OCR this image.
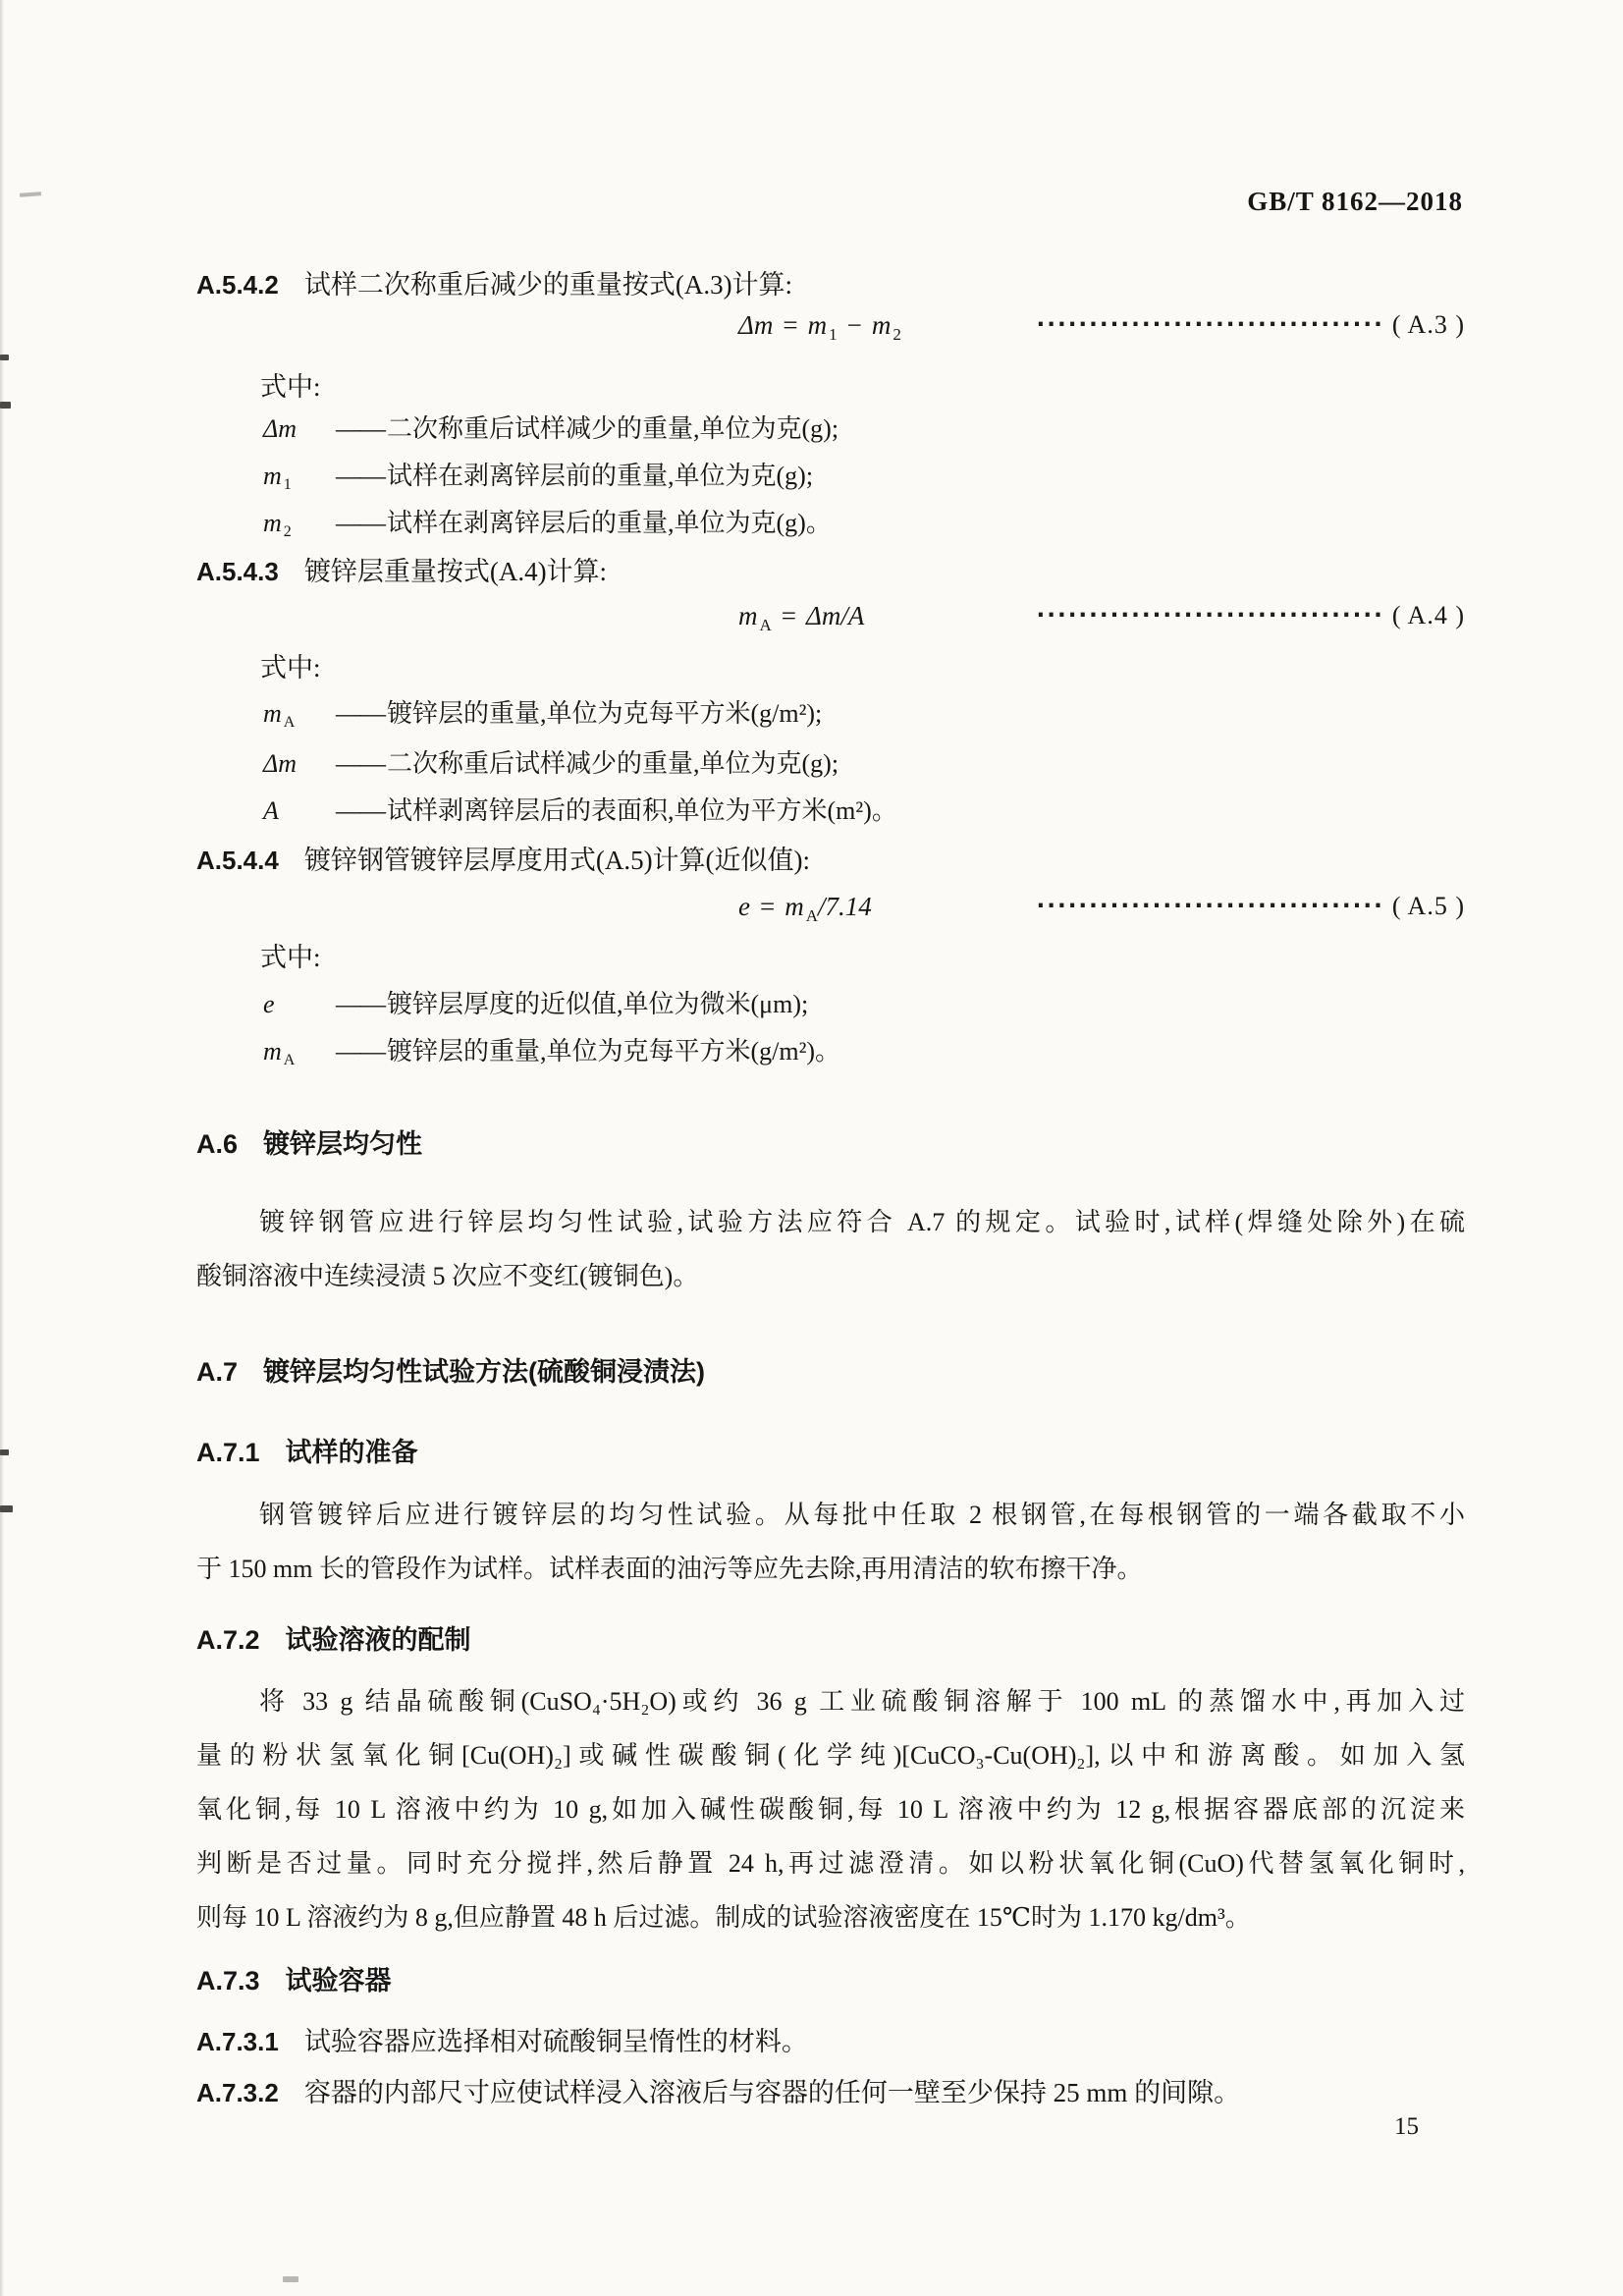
GB/T 8162—2018
A.5.4.2 试样二次称重后减少的重量按式(A.3)计算:
Δm = m $_1$ − m $_2$	································· ( A.3 )
式中:
Δm ——二次称重后试样减少的重量,单位为克(g);
m $_1$ ——试样在剥离锌层前的重量,单位为克(g);
m $_2$ ——试样在剥离锌层后的重量,单位为克(g)。
A.5.4.3 镀锌层重量按式(A.4)计算:
m $_A$ = Δm/A	································· ( A.4 )
式中:
m $_A$ ——镀锌层的重量,单位为克每平方米(g/m²);
Δm ——二次称重后试样减少的重量,单位为克(g);
A ——试样剥离锌层后的表面积,单位为平方米(m²)。
A.5.4.4 镀锌钢管镀锌层厚度用式(A.5)计算(近似值):
e = m $_A$/7.14	································· ( A.5 )
式中:
e ——镀锌层厚度的近似值,单位为微米(μm);
m $_A$ ——镀锌层的重量,单位为克每平方米(g/m²)。
A.6 镀锌层均匀性
镀锌钢管应进行锌层均匀性试验,试验方法应符合 A.7 的规定。试验时,试样(焊缝处除外)在硫
酸铜溶液中连续浸渍 5 次应不变红(镀铜色)。
A.7 镀锌层均匀性试验方法(硫酸铜浸渍法)
A.7.1 试样的准备
钢管镀锌后应进行镀锌层的均匀性试验。从每批中任取 2 根钢管,在每根钢管的一端各截取不小
于 150 mm 长的管段作为试样。试样表面的油污等应先去除,再用清洁的软布擦干净。
A.7.2 试验溶液的配制
将 33 g 结晶硫酸铜(CuSO₄·5H₂O)或约 36 g 工业硫酸铜溶解于 100 mL 的蒸馏水中,再加入过
量的粉状氢氧化铜[Cu(OH)₂]或碱性碳酸铜(化学纯)[CuCO₃-Cu(OH)₂],以中和游离酸。如加入氢
氧化铜,每 10 L 溶液中约为 10 g,如加入碱性碳酸铜,每 10 L 溶液中约为 12 g,根据容器底部的沉淀来
判断是否过量。同时充分搅拌,然后静置 24 h,再过滤澄清。如以粉状氧化铜(CuO)代替氢氧化铜时,
则每 10 L 溶液约为 8 g,但应静置 48 h 后过滤。制成的试验溶液密度在 15℃时为 1.170 kg/dm³。
A.7.3 试验容器
A.7.3.1 试验容器应选择相对硫酸铜呈惰性的材料。
A.7.3.2 容器的内部尺寸应使试样浸入溶液后与容器的任何一壁至少保持 25 mm 的间隙。
15
